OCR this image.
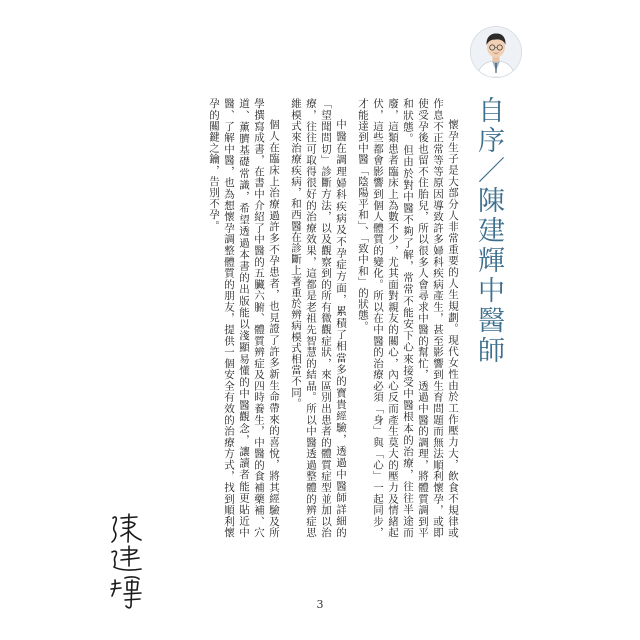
自序／陳建輝中醫師

懷孕生子是大部分人非常重要的人生規劃。現代女性由於工作壓力大，飲食不規律或作息不正常等等原因導致許多婦科疾病產生，甚至影響到生育問題而無法順利懷孕，或即使受孕後也留不住胎兒，所以很多人會尋求中醫的幫忙，透過中醫的調理，將體質調到平和狀態。但由於對中醫不夠了解，常常不能安下心來接受中醫根本的治療，往往半途而廢，這類患者臨床上為數不少，尤其面對親友的關心，內心反而產生莫大的壓力及情緒起伏，這些都會影響到個人體質的變化。所以在中醫的治療必須「身」與「心」一起同步，才能達到中醫「陰陽平和」、「致中和」的狀態。

中醫在調理婦科疾病及不孕症方面，累積了相當多的寶貴經驗，透過中醫師詳細的「望聞問切」診斷方法，以及觀察到的所有微觀症狀，來區別出患者的體質症型並加以治療，往往可取得很好的治療效果，這都是老祖先智慧的結晶。所以中醫透過整體的辨症思維模式來治療疾病，和西醫在診斷上著重於辨病模式相當不同。

個人在臨床上治療過許多不孕患者，也見證了許多新生命帶來的喜悅，將其經驗及所學撰寫成書，在書中介紹了中醫的五臟六腑、體質辨症及四時養生，中醫的食補藥補、穴道、薰臍基礎常識，希望透過本書的出版能以淺顯易懂的中醫觀念，讓讀者能更貼近中醫、了解中醫，也為想懷孕調整體質的朋友，提供一個安全有效的治療方式，找到順利懷孕的關鍵之鑰，告別不孕。

3
